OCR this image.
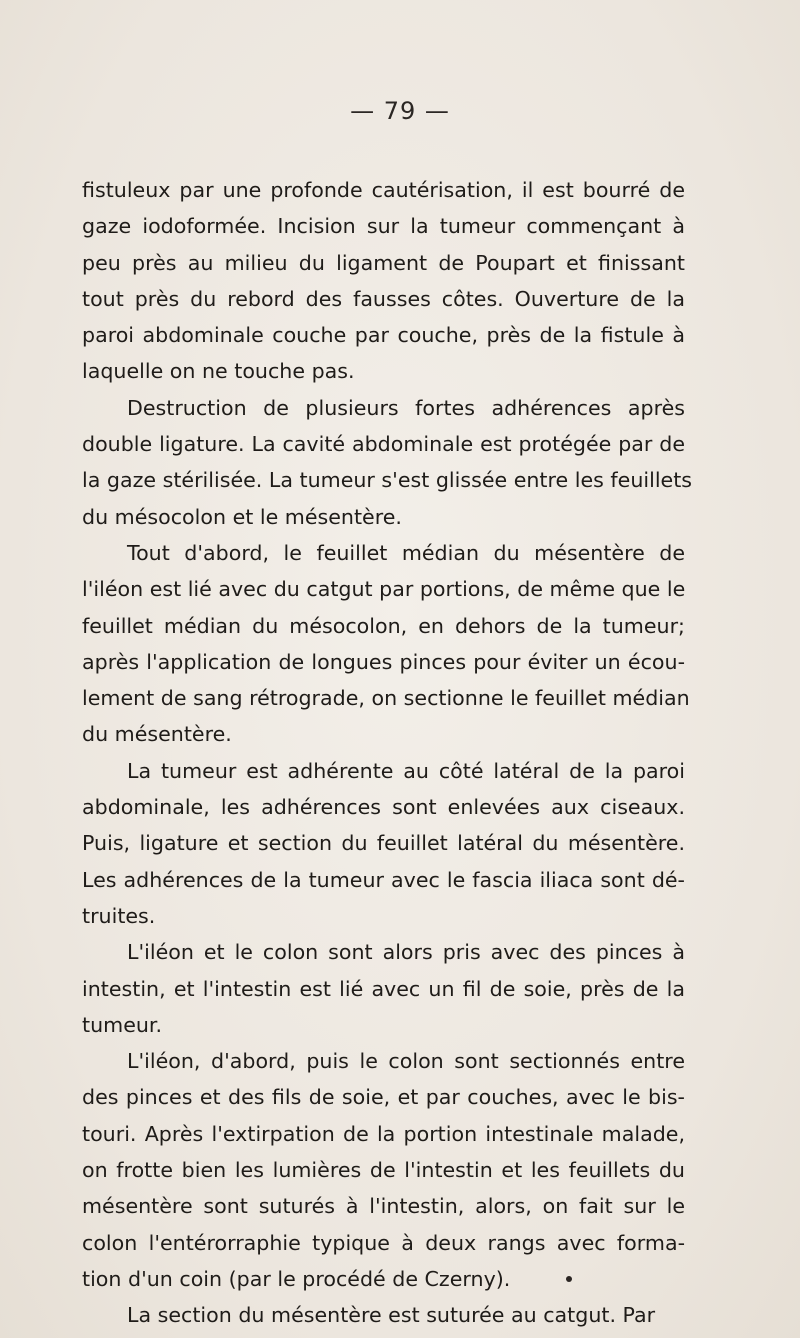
— 79 —
fistuleux par une profonde cautérisation, il est bourré de
gaze iodoformée. Incision sur la tumeur commençant à
peu près au milieu du ligament de Poupart et finissant
tout près du rebord des fausses côtes. Ouverture de la
paroi abdominale couche par couche, près de la fistule à
laquelle on ne touche pas.
Destruction de plusieurs fortes adhérences après
double ligature. La cavité abdominale est protégée par de
la gaze stérilisée. La tumeur s'est glissée entre les feuillets
du mésocolon et le mésentère.
Tout d'abord, le feuillet médian du mésentère de
l'iléon est lié avec du catgut par portions, de même que le
feuillet médian du mésocolon, en dehors de la tumeur;
après l'application de longues pinces pour éviter un écou-
lement de sang rétrograde, on sectionne le feuillet médian
du mésentère.
La tumeur est adhérente au côté latéral de la paroi
abdominale, les adhérences sont enlevées aux ciseaux.
Puis, ligature et section du feuillet latéral du mésentère.
Les adhérences de la tumeur avec le fascia iliaca sont dé-
truites.
L'iléon et le colon sont alors pris avec des pinces à
intestin, et l'intestin est lié avec un fil de soie, près de la
tumeur.
L'iléon, d'abord, puis le colon sont sectionnés entre
des pinces et des fils de soie, et par couches, avec le bis-
touri. Après l'extirpation de la portion intestinale malade,
on frotte bien les lumières de l'intestin et les feuillets du
mésentère sont suturés à l'intestin, alors, on fait sur le
colon l'entérorraphie typique à deux rangs avec forma-
tion d'un coin (par le procédé de Czerny).
La section du mésentère est suturée au catgut. Par
